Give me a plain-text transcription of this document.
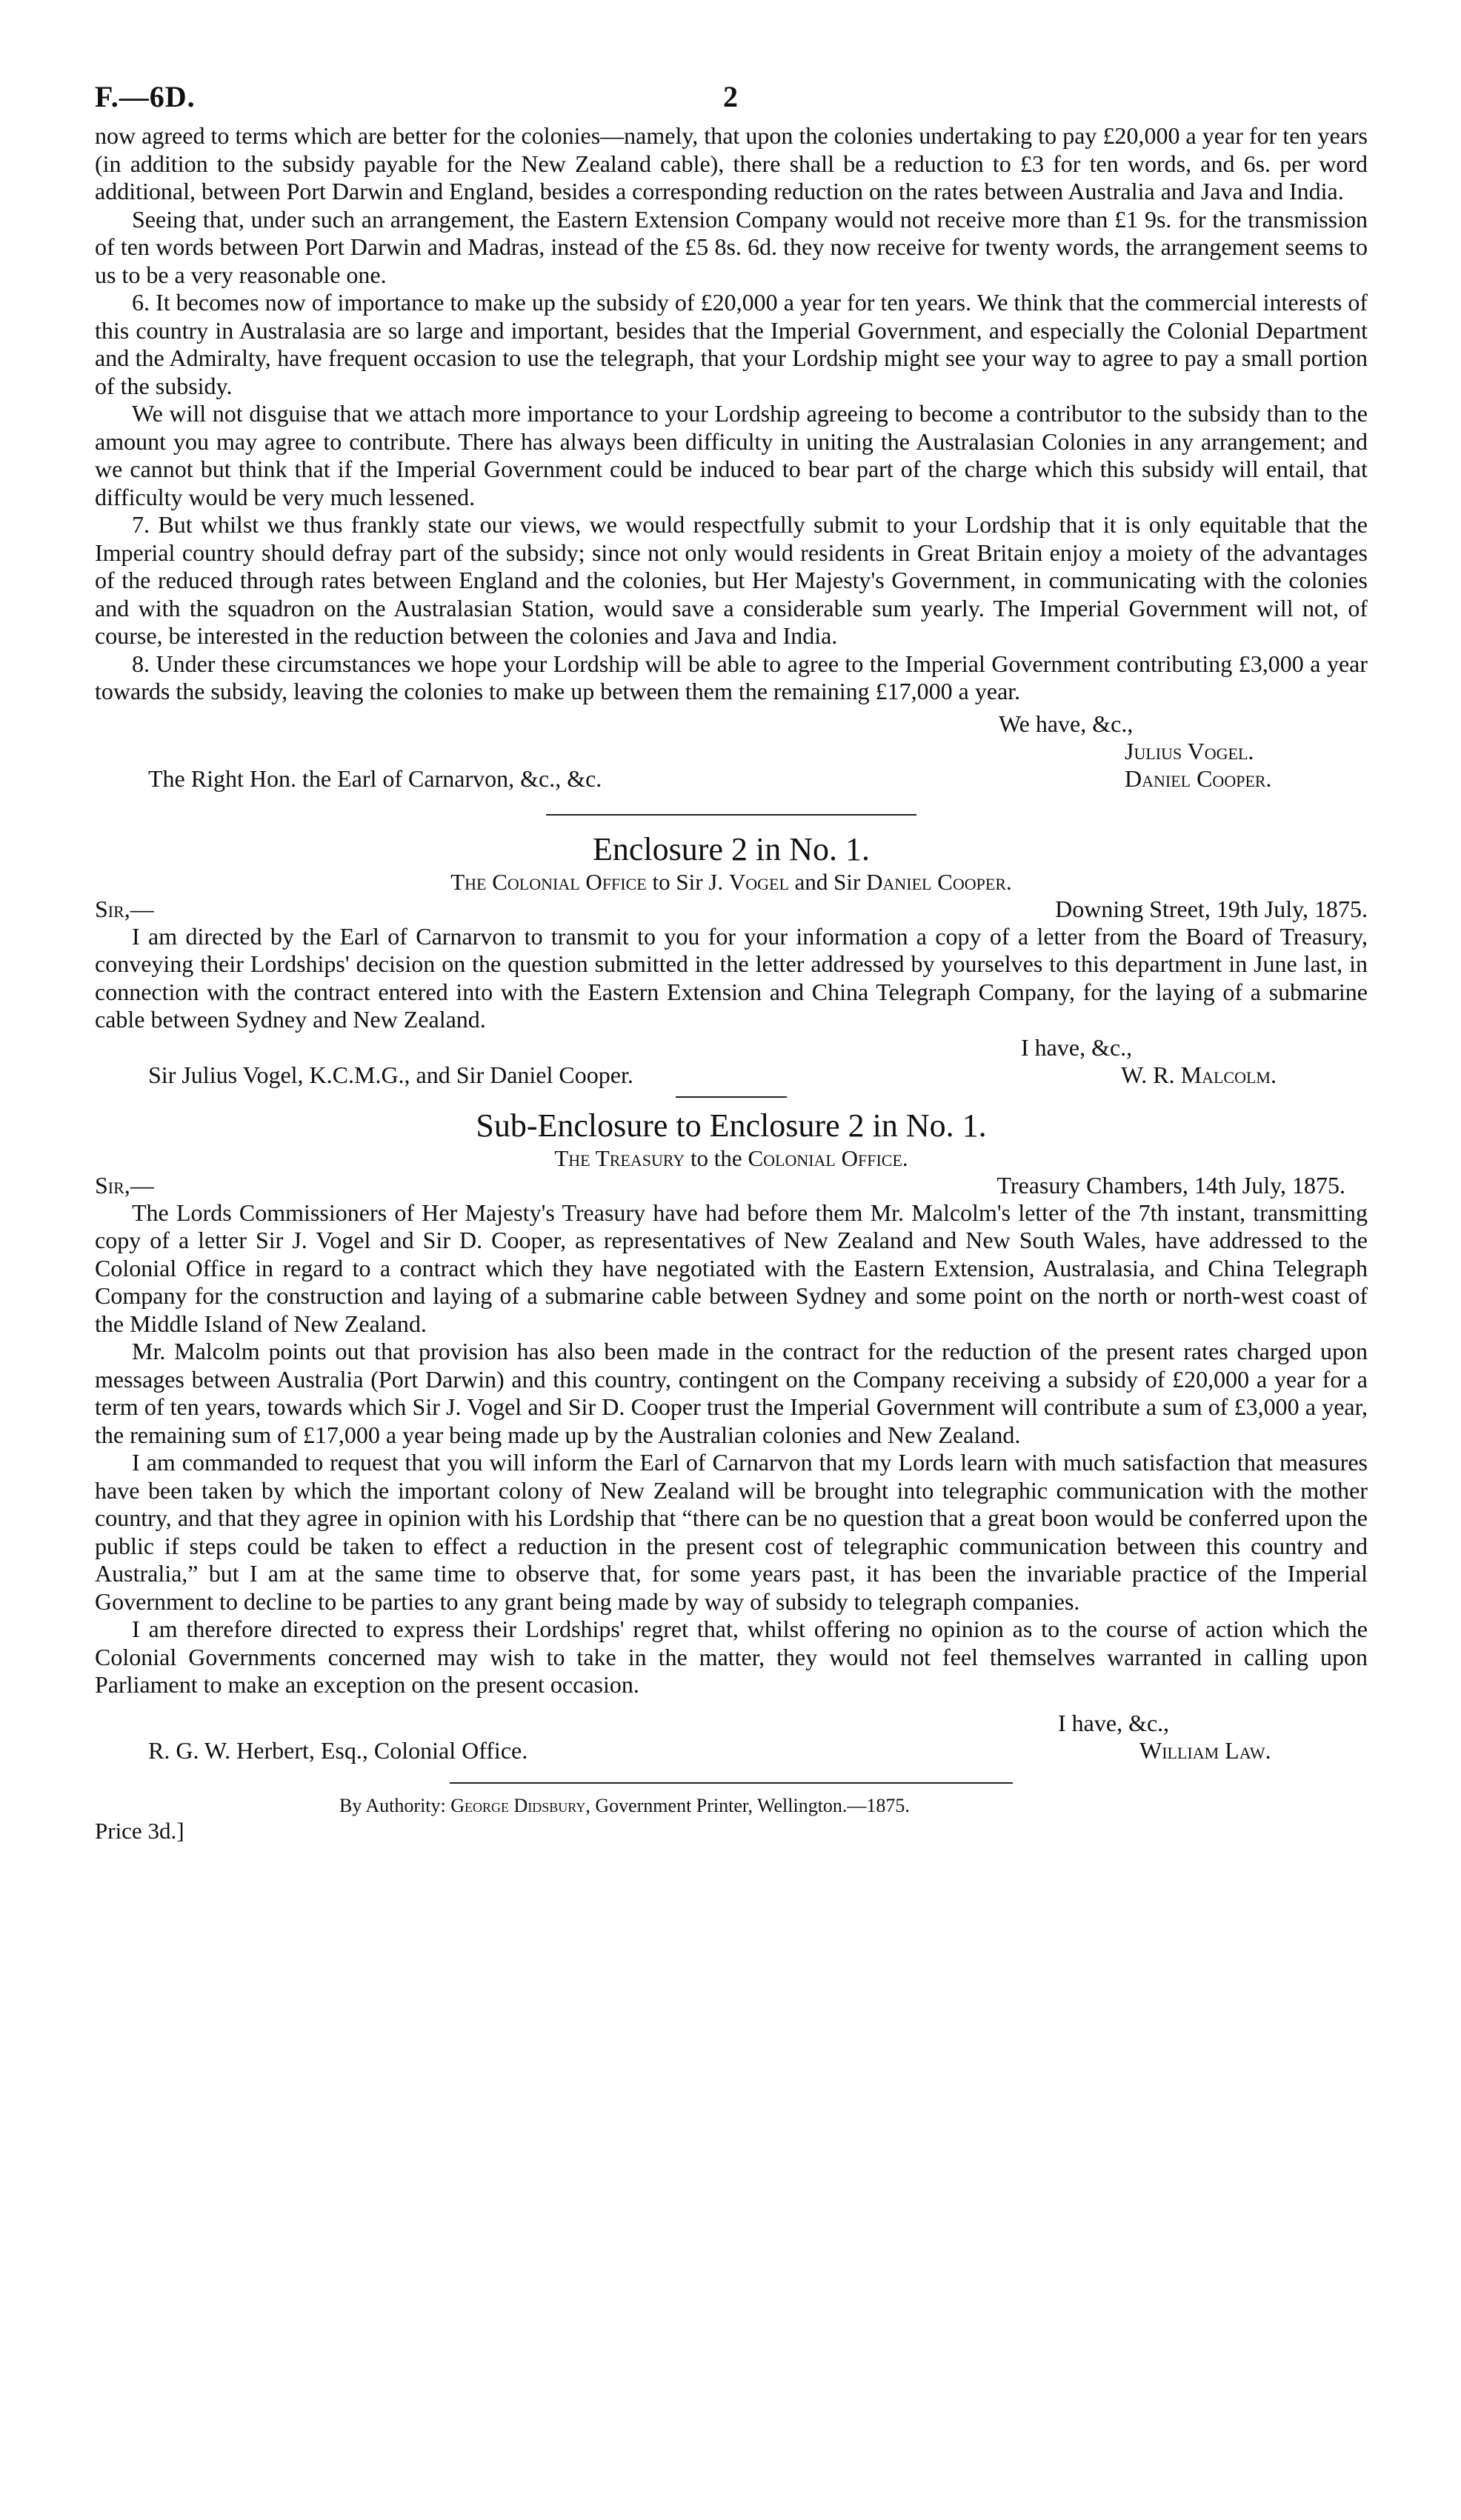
F.—6D.	2

now agreed to terms which are better for the colonies—namely, that upon the colonies undertaking to pay £20,000 a year for ten years (in addition to the subsidy payable for the New Zealand cable), there shall be a reduction to £3 for ten words, and 6s. per word additional, between Port Darwin and England, besides a corresponding reduction on the rates between Australia and Java and India.

Seeing that, under such an arrangement, the Eastern Extension Company would not receive more than £1 9s. for the transmission of ten words between Port Darwin and Madras, instead of the £5 8s. 6d. they now receive for twenty words, the arrangement seems to us to be a very reasonable one.

6. It becomes now of importance to make up the subsidy of £20,000 a year for ten years. We think that the commercial interests of this country in Australasia are so large and important, besides that the Imperial Government, and especially the Colonial Department and the Admiralty, have frequent occasion to use the telegraph, that your Lordship might see your way to agree to pay a small portion of the subsidy.

We will not disguise that we attach more importance to your Lordship agreeing to become a contributor to the subsidy than to the amount you may agree to contribute. There has always been difficulty in uniting the Australasian Colonies in any arrangement; and we cannot but think that if the Imperial Government could be induced to bear part of the charge which this subsidy will entail, that difficulty would be very much lessened.

7. But whilst we thus frankly state our views, we would respectfully submit to your Lordship that it is only equitable that the Imperial country should defray part of the subsidy; since not only would residents in Great Britain enjoy a moiety of the advantages of the reduced through rates between England and the colonies, but Her Majesty's Government, in communicating with the colonies and with the squadron on the Australasian Station, would save a considerable sum yearly. The Imperial Government will not, of course, be interested in the reduction between the colonies and Java and India.

8. Under these circumstances we hope your Lordship will be able to agree to the Imperial Government contributing £3,000 a year towards the subsidy, leaving the colonies to make up between them the remaining £17,000 a year.

We have, &c.,
Julius Vogel.
The Right Hon. the Earl of Carnarvon, &c., &c.	Daniel Cooper.
Enclosure 2 in No. 1.
The Colonial Office to Sir J. Vogel and Sir Daniel Cooper.
Sir,—	Downing Street, 19th July, 1875.

I am directed by the Earl of Carnarvon to transmit to you for your information a copy of a letter from the Board of Treasury, conveying their Lordships' decision on the question submitted in the letter addressed by yourselves to this department in June last, in connection with the contract entered into with the Eastern Extension and China Telegraph Company, for the laying of a submarine cable between Sydney and New Zealand.

I have, &c.,
Sir Julius Vogel, K.C.M.G., and Sir Daniel Cooper.	W. R. Malcolm.
Sub-Enclosure to Enclosure 2 in No. 1.
The Treasury to the Colonial Office.
Sir,—	Treasury Chambers, 14th July, 1875.

The Lords Commissioners of Her Majesty's Treasury have had before them Mr. Malcolm's letter of the 7th instant, transmitting copy of a letter Sir J. Vogel and Sir D. Cooper, as representatives of New Zealand and New South Wales, have addressed to the Colonial Office in regard to a contract which they have negotiated with the Eastern Extension, Australasia, and China Telegraph Company for the construction and laying of a submarine cable between Sydney and some point on the north or north-west coast of the Middle Island of New Zealand.

Mr. Malcolm points out that provision has also been made in the contract for the reduction of the present rates charged upon messages between Australia (Port Darwin) and this country, contingent on the Company receiving a subsidy of £20,000 a year for a term of ten years, towards which Sir J. Vogel and Sir D. Cooper trust the Imperial Government will contribute a sum of £3,000 a year, the remaining sum of £17,000 a year being made up by the Australian colonies and New Zealand.

I am commanded to request that you will inform the Earl of Carnarvon that my Lords learn with much satisfaction that measures have been taken by which the important colony of New Zealand will be brought into telegraphic communication with the mother country, and that they agree in opinion with his Lordship that “there can be no question that a great boon would be conferred upon the public if steps could be taken to effect a reduction in the present cost of telegraphic communication between this country and Australia,” but I am at the same time to observe that, for some years past, it has been the invariable practice of the Imperial Government to decline to be parties to any grant being made by way of subsidy to telegraph companies.

I am therefore directed to express their Lordships' regret that, whilst offering no opinion as to the course of action which the Colonial Governments concerned may wish to take in the matter, they would not feel themselves warranted in calling upon Parliament to make an exception on the present occasion.

I have, &c.,
R. G. W. Herbert, Esq., Colonial Office.	William Law.
By Authority: George Didsbury, Government Printer, Wellington.—1875.
Price 3d.]
